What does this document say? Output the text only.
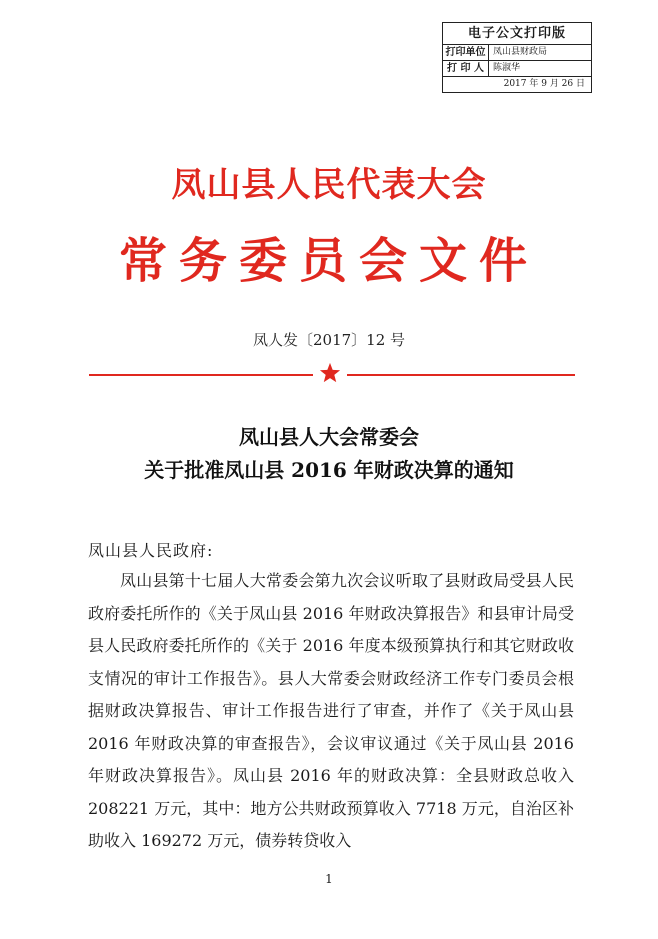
电子公文打印版
打印单位 凤山县财政局
打 印 人	陈淑华
2017 年 9 月 26 日
凤山县人民代表大会
常务委员会文件
凤人发〔2017〕12 号
凤山县人大会常委会
关于批准凤山县 2016 年财政决算的通知
凤山县人民政府:

凤山县第十七届人大常委会第九次会议听取了县财政局受县人民政府委托所作的《关于凤山县 2016 年财政决算报告》和县审计局受县人民政府委托所作的《关于 2016 年度本级预算执行和其它财政收支情况的审计工作报告》。县人大常委会财政经济工作专门委员会根据财政决算报告、审计工作报告进行了审查，并作了《关于凤山县 2016 年财政决算的审查报告》，会议审议通过《关于凤山县 2016 年财政决算报告》。凤山县 2016 年的财政决算：全县财政总收入 208221 万元，其中：地方公共财政预算收入 7718 万元，自治区补助收入 169272 万元，债券转贷收入

1
